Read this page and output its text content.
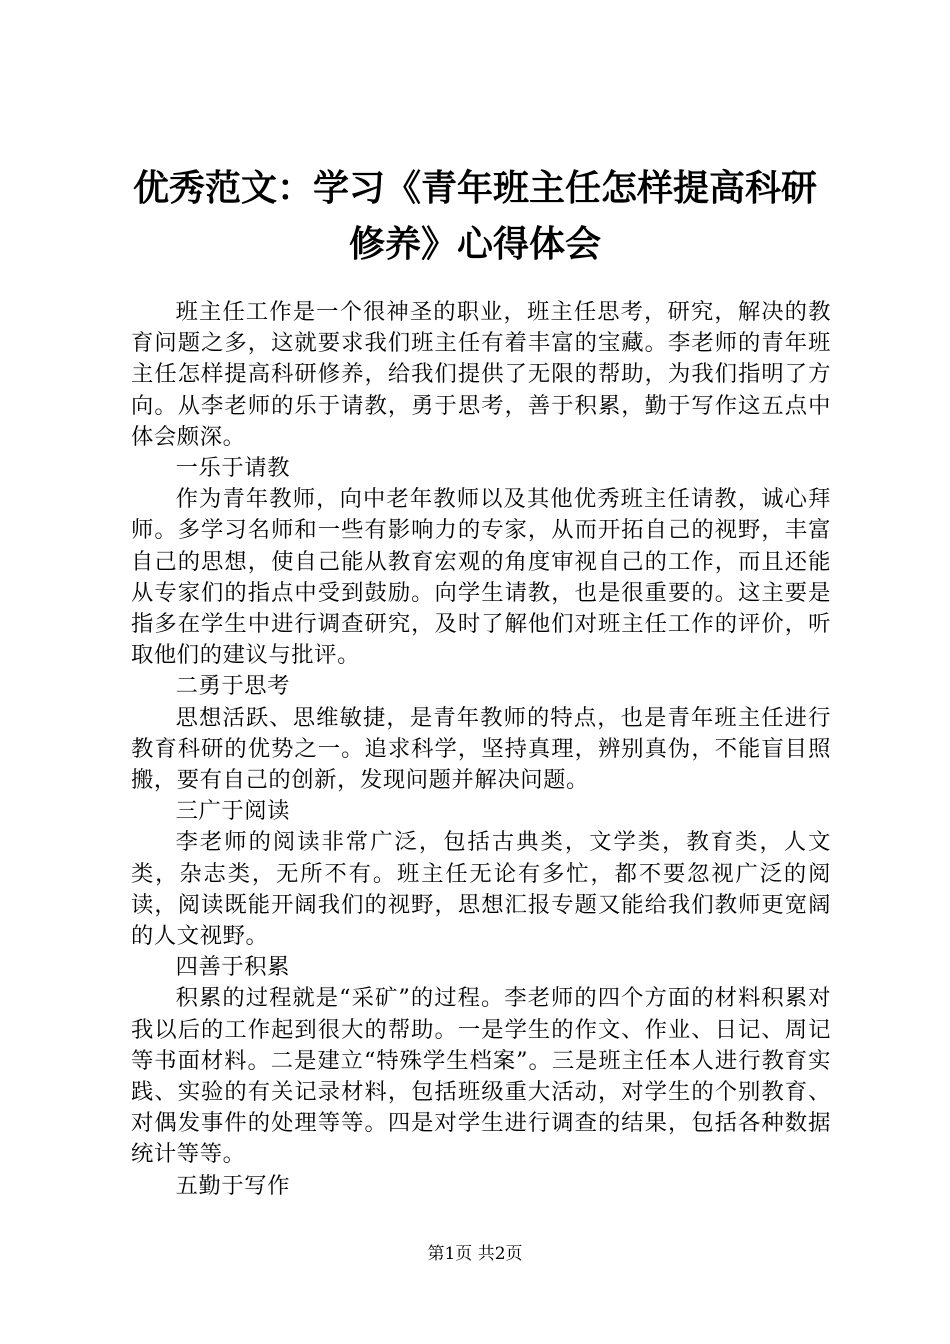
优秀范文：学习《青年班主任怎样提高科研修养》心得体会

班主任工作是一个很神圣的职业，班主任思考，研究，解决的教育问题之多，这就要求我们班主任有着丰富的宝藏。李老师的青年班主任怎样提高科研修养，给我们提供了无限的帮助，为我们指明了方向。从李老师的乐于请教，勇于思考，善于积累，勤于写作这五点中体会颇深。

一乐于请教

作为青年教师，向中老年教师以及其他优秀班主任请教，诚心拜师。多学习名师和一些有影响力的专家，从而开拓自己的视野，丰富自己的思想，使自己能从教育宏观的角度审视自己的工作，而且还能从专家们的指点中受到鼓励。向学生请教，也是很重要的。这主要是指多在学生中进行调查研究，及时了解他们对班主任工作的评价，听取他们的建议与批评。

二勇于思考

思想活跃、思维敏捷，是青年教师的特点，也是青年班主任进行教育科研的优势之一。追求科学，坚持真理，辨别真伪，不能盲目照搬，要有自己的创新，发现问题并解决问题。

三广于阅读

李老师的阅读非常广泛，包括古典类，文学类，教育类，人文类，杂志类，无所不有。班主任无论有多忙，都不要忽视广泛的阅读，阅读既能开阔我们的视野，思想汇报专题又能给我们教师更宽阔的人文视野。

四善于积累

积累的过程就是“采矿”的过程。李老师的四个方面的材料积累对我以后的工作起到很大的帮助。一是学生的作文、作业、日记、周记等书面材料。二是建立“特殊学生档案”。三是班主任本人进行教育实践、实验的有关记录材料，包括班级重大活动，对学生的个别教育、对偶发事件的处理等等。四是对学生进行调查的结果，包括各种数据统计等等。

五勤于写作

第1页 共2页
